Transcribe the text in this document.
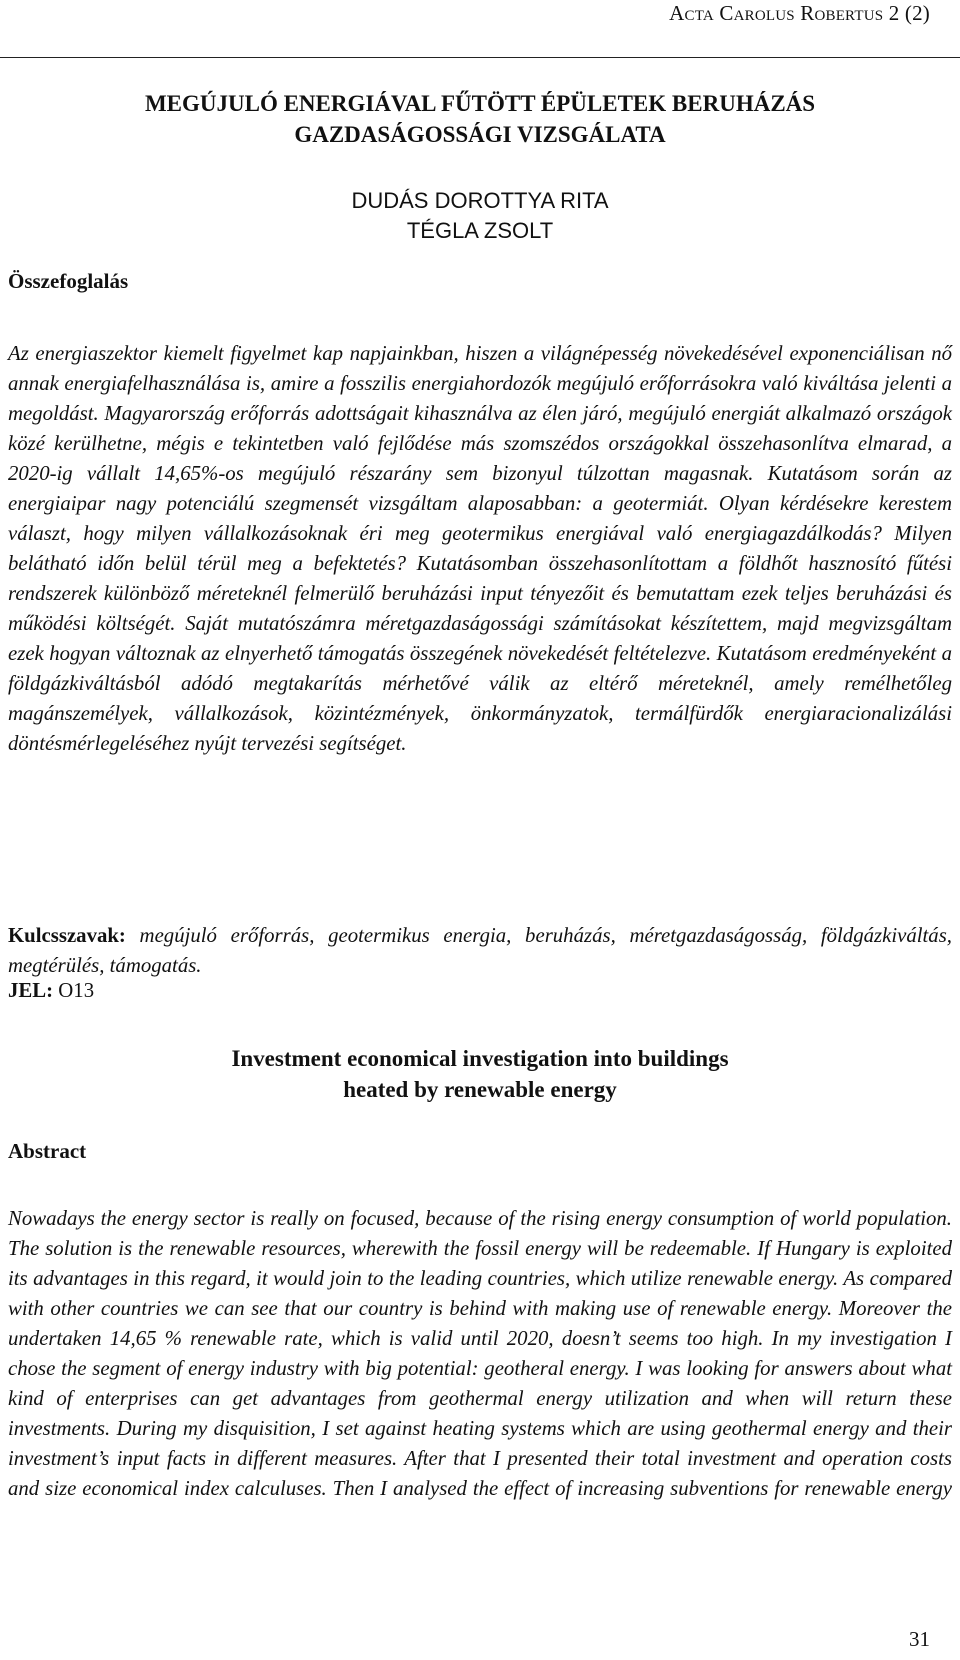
Acta Carolus Robertus 2 (2)
MEGÚJULÓ ENERGIÁVAL FŰTÖTT ÉPÜLETEK BERUHÁZÁS
GAZDASÁGOSSÁGI VIZSGÁLATA
DUDÁS DOROTTYA RITA
TÉGLA ZSOLT
Összefoglalás

Az energiaszektor kiemelt figyelmet kap napjainkban, hiszen a világnépesség növekedésével exponenciálisan nő annak energiafelhasználása is, amire a fosszilis energiahordozók megújuló erőforrásokra való kiváltása jelenti a megoldást. Magyarország erőforrás adottságait kihasználva az élen járó, megújuló energiát alkalmazó országok közé kerülhetne, mégis e tekintetben való fejlődése más szomszédos országokkal összehasonlítva elmarad, a 2020-ig vállalt 14,65%-os megújuló részarány sem bizonyul túlzottan magasnak. Kutatásom során az energiaipar nagy potenciálú szegmensét vizsgáltam alaposabban: a geotermiát. Olyan kérdésekre kerestem választ, hogy milyen vállalkozásoknak éri meg geotermikus energiával való energiagazdálkodás? Milyen belátható időn belül térül meg a befektetés? Kutatásomban összehasonlítottam a földhőt hasznosító fűtési rendszerek különböző méreteknél felmerülő beruházási input tényezőit és bemutattam ezek teljes beruházási és működési költségét. Saját mutatószámra méretgazdaságossági számításokat készítettem, majd megvizsgáltam ezek hogyan változnak az elnyerhető támogatás összegének növekedését feltételezve. Kutatásom eredményeként a földgázkiváltásból adódó megtakarítás mérhetővé válik az eltérő méreteknél, amely remélhetőleg magánszemélyek, vállalkozások, közintézmények, önkormányzatok, termálfürdők energiaracionalizálási döntésmérlegeléséhez nyújt tervezési segítséget.

Kulcsszavak: megújuló erőforrás, geotermikus energia, beruházás, méretgazdaságosság, földgázkiváltás, megtérülés, támogatás.

JEL: O13
Investment economical investigation into buildings
heated by renewable energy
Abstract

Nowadays the energy sector is really on focused, because of the rising energy consumption of world population. The solution is the renewable resources, wherewith the fossil energy will be redeemable. If Hungary is exploited its advantages in this regard, it would join to the leading countries, which utilize renewable energy. As compared with other countries we can see that our country is behind with making use of renewable energy. Moreover the undertaken 14,65 % renewable rate, which is valid until 2020, doesn’t seems too high. In my investigation I chose the segment of energy industry with big potential: geotheral energy. I was looking for answers about what kind of enterprises can get advantages from geothermal energy utilization and when will return these investments. During my disquisition, I set against heating systems which are using geothermal energy and their investment’s input facts in different measures. After that I presented their total investment and operation costs and size economical index calculuses. Then I analysed the effect of increasing subventions for renewable energy

31
